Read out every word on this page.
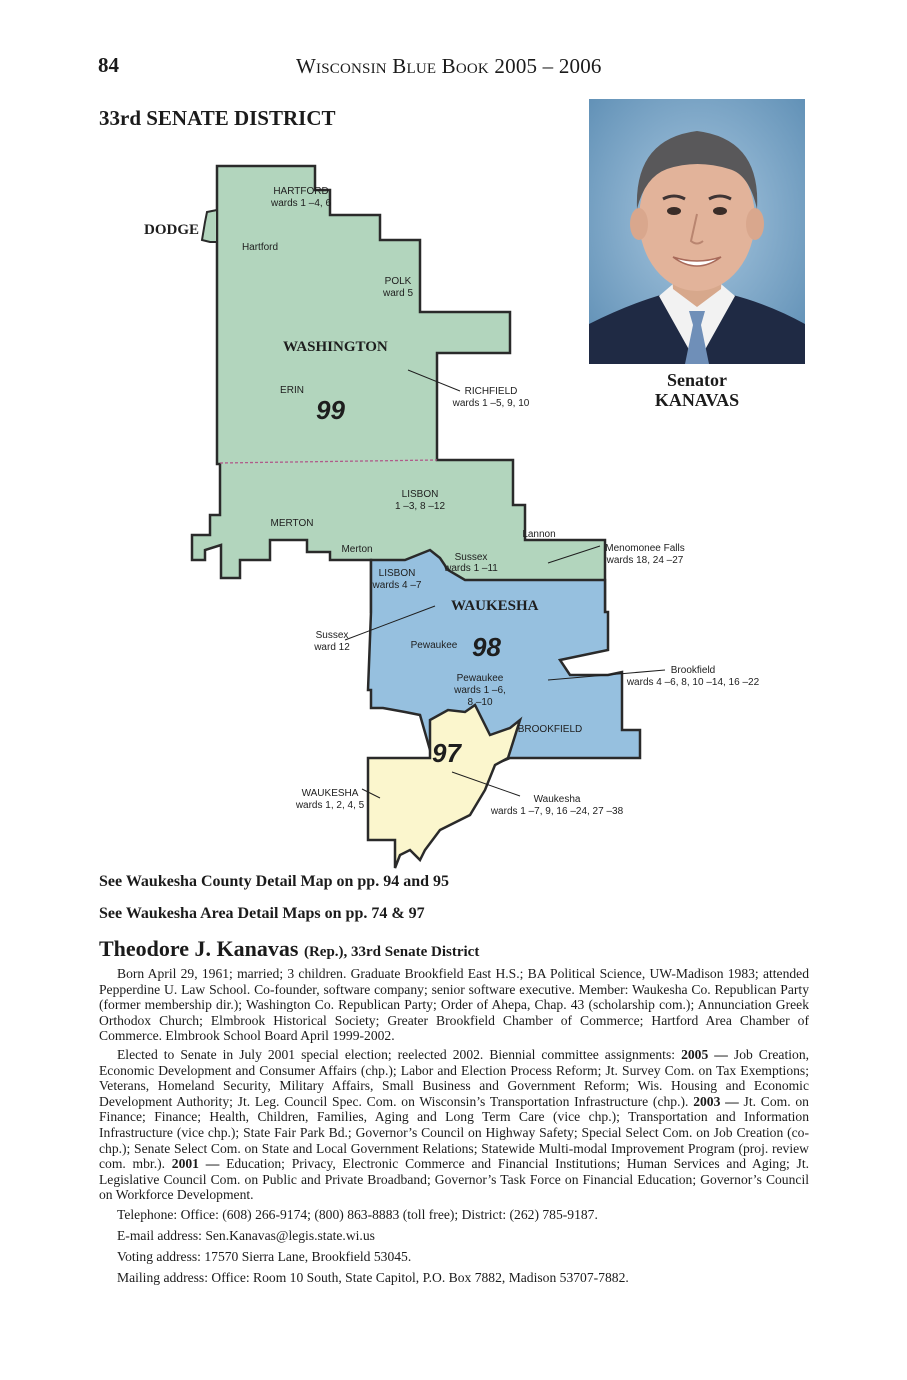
84	Wisconsin Blue Book 2005 – 2006
33rd SENATE DISTRICT
Senator
KANAVAS
DODGE
WASHINGTON
WAUKESHA
99
98
97
HARTFORD
wards 1 –4, 6
Hartford
POLK
ward 5
ERIN	RICHFIELD
wards 1 –5, 9, 10
LISBON
1 –3, 8 –12
MERTON
Merton
Lannon
Menomonee Falls
wards 18, 24 –27
Sussex
wards 1 –11
LISBON
wards 4 –7
Sussex
ward 12	Pewaukee
Pewaukee
wards 1 –6,
8 –10
BROOKFIELD
Brookfield
wards 4 –6, 8, 10 –14, 16 –22
WAUKESHA
wards 1, 2, 4, 5
Waukesha
wards 1 –7, 9, 16 –24, 27 –38
See Waukesha County Detail Map on pp. 94 and 95
See Waukesha Area Detail Maps on pp. 74 & 97
Theodore J. Kanavas (Rep.), 33rd Senate District

Born April 29, 1961; married; 3 children. Graduate Brookfield East H.S.; BA Political Science, UW-Madison 1983; attended Pepperdine U. Law School. Co-founder, software company; senior software executive. Member: Waukesha Co. Republican Party (former membership dir.); Washington Co. Republican Party; Order of Ahepa, Chap. 43 (scholarship com.); Annunciation Greek Orthodox Church; Elmbrook Historical Society; Greater Brookfield Chamber of Commerce; Hartford Area Chamber of Commerce. Elmbrook School Board April 1999-2002.

Elected to Senate in July 2001 special election; reelected 2002. Biennial committee assignments: 2005 — Job Creation, Economic Development and Consumer Affairs (chp.); Labor and Election Process Reform; Jt. Survey Com. on Tax Exemptions; Veterans, Homeland Security, Military Affairs, Small Business and Government Reform; Wis. Housing and Economic Development Authority; Jt. Leg. Council Spec. Com. on Wisconsin’s Transportation Infrastructure (chp.). 2003 — Jt. Com. on Finance; Finance; Health, Children, Families, Aging and Long Term Care (vice chp.); Transportation and Information Infrastructure (vice chp.); State Fair Park Bd.; Governor’s Council on Highway Safety; Special Select Com. on Job Creation (co-chp.); Senate Select Com. on State and Local Government Relations; Statewide Multi-modal Improvement Program (proj. review com. mbr.). 2001 — Education; Privacy, Electronic Commerce and Financial Institutions; Human Services and Aging; Jt. Legislative Council Com. on Public and Private Broadband; Governor’s Task Force on Financial Education; Governor’s Council on Workforce Development.

Telephone: Office: (608) 266-9174; (800) 863-8883 (toll free); District: (262) 785-9187.
E-mail address: Sen.Kanavas@legis.state.wi.us
Voting address: 17570 Sierra Lane, Brookfield 53045.
Mailing address: Office: Room 10 South, State Capitol, P.O. Box 7882, Madison 53707-7882.
